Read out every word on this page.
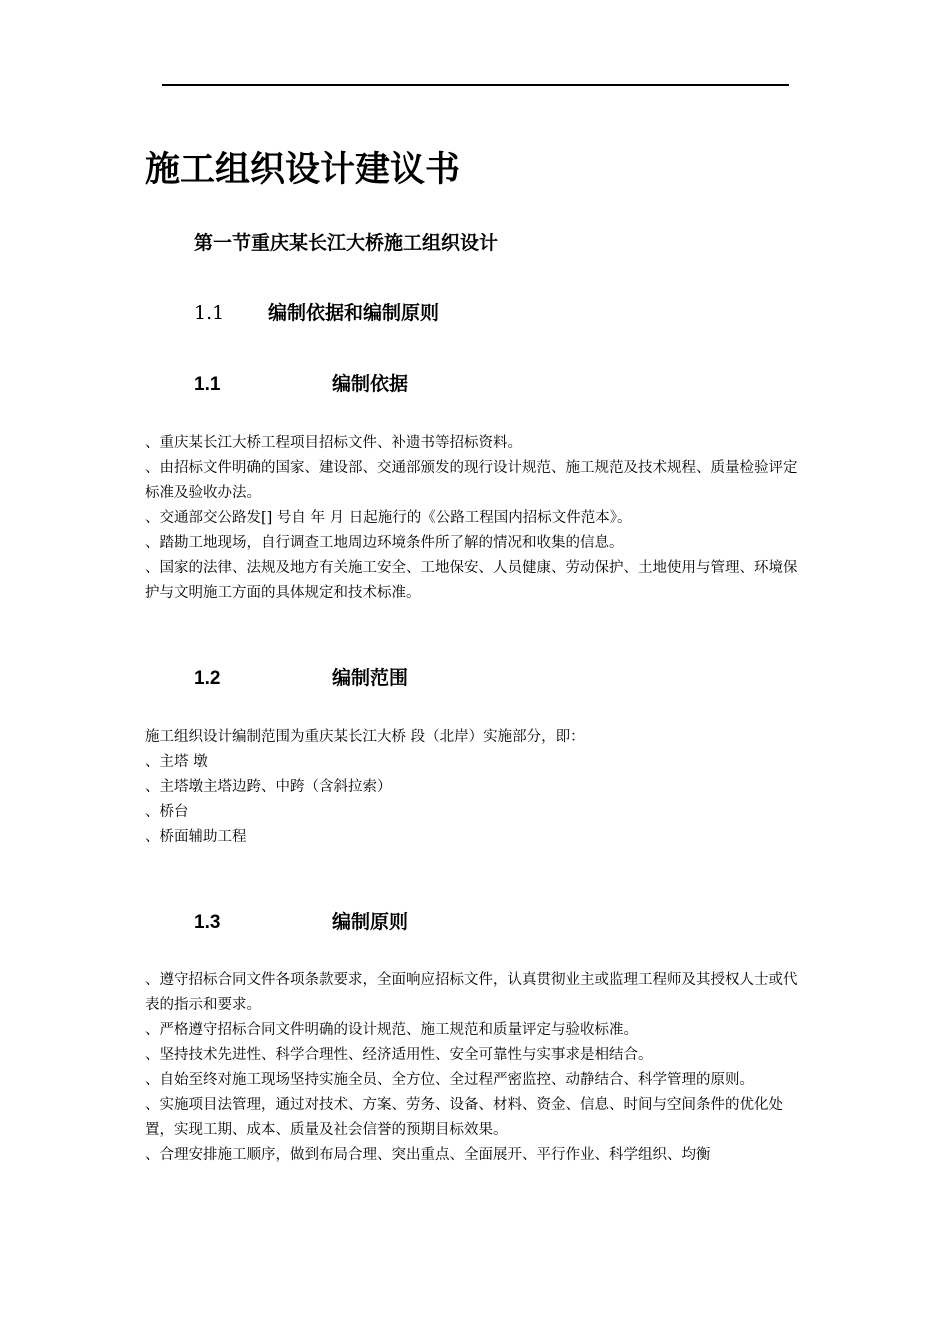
施工组织设计建议书
第一节重庆某长江大桥施工组织设计
1.1 编制依据和编制原则
1.1	编制依据

、重庆某长江大桥工程项目招标文件、补遗书等招标资料。

、由招标文件明确的国家、建设部、交通部颁发的现行设计规范、施工规范及技术规程、质量检验评定标准及验收办法。

、交通部交公路发[] 号自 年 月 日起施行的《公路工程国内招标文件范本》。

、踏勘工地现场，自行调查工地周边环境条件所了解的情况和收集的信息。

、国家的法律、法规及地方有关施工安全、工地保安、人员健康、劳动保护、土地使用与管理、环境保护与文明施工方面的具体规定和技术标准。

1.2	编制范围

施工组织设计编制范围为重庆某长江大桥 段（北岸）实施部分，即：

、主塔 墩

、主塔墩主塔边跨、中跨（含斜拉索）

、桥台

、桥面辅助工程

1.3	编制原则

、遵守招标合同文件各项条款要求，全面响应招标文件，认真贯彻业主或监理工程师及其授权人士或代表的指示和要求。

、严格遵守招标合同文件明确的设计规范、施工规范和质量评定与验收标准。

、坚持技术先进性、科学合理性、经济适用性、安全可靠性与实事求是相结合。

、自始至终对施工现场坚持实施全员、全方位、全过程严密监控、动静结合、科学管理的原则。

、实施项目法管理，通过对技术、方案、劳务、设备、材料、资金、信息、时间与空间条件的优化处置，实现工期、成本、质量及社会信誉的预期目标效果。

、合理安排施工顺序，做到布局合理、突出重点、全面展开、平行作业、科学组织、均衡
